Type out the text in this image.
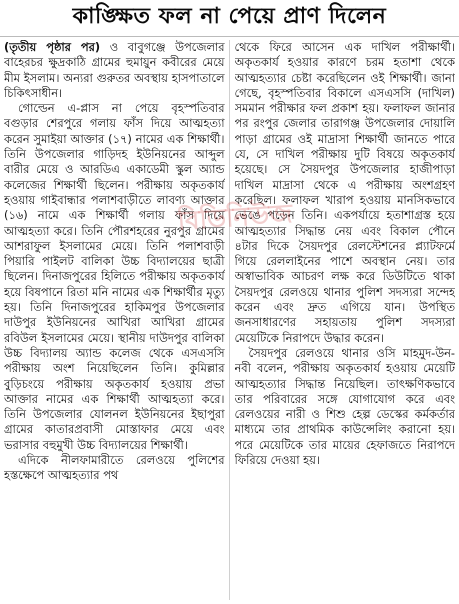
কাঙ্ক্ষিত ফল না পেয়ে প্রাণ দিলেন

(তৃতীয় পৃষ্ঠার পর) ও বাবুগঞ্জে উপজেলার বাহেরচর ক্ষুদ্রকাঠি গ্রামের হুমায়ুন কবীরের মেয়ে মীম ইসলাম। অন্যরা গুরুতর অবস্থায় হাসপাতালে চিকিৎসাধীন।

গোল্ডেন এ-প্লাস না পেয়ে বৃহস্পতিবার বগুড়ার শেরপুরে গলায় ফাঁস দিয়ে আত্মহত্যা করেন সুমাইয়া আক্তার (১৭) নামের এক শিক্ষার্থী। তিনি উপজেলার গাড়িদহ ইউনিয়নের আব্দুল বারীর মেয়ে ও আরডিএ একাডেমী স্কুল অ্যান্ড কলেজের শিক্ষার্থী ছিলেন। পরীক্ষায় অকৃতকার্য হওয়ায় গাইবান্ধার পলাশবাড়ীতে লাবণ্য আক্তার (১৬) নামে এক শিক্ষার্থী গলায় ফাঁস দিয়ে আত্মহত্যা করে। তিনি পৌরশহরের নুরপুর গ্রামের আশরাফুল ইসলামের মেয়ে। তিনি পলাশবাড়ী পিয়ারি পাইলট বালিকা উচ্চ বিদ্যালয়ের ছাত্রী ছিলেন। দিনাজপুরের হিলিতে পরীক্ষায় অকৃতকার্য হয়ে বিষপানে রিতা মনি নামের এক শিক্ষার্থীর মৃত্যু হয়। তিনি দিনাজপুরের হাকিমপুর উপজেলার দাউপুর ইউনিয়নের আখিরা আখিরা গ্রামের রবিউল ইসলামের মেয়ে। স্থানীয় দাউদপুর বালিকা উচ্চ বিদ্যালয় অ্যান্ড কলেজ থেকে এসএসসি পরীক্ষায় অংশ নিয়েছিলেন তিনি। কুমিল্লার বুড়িচংয়ে পরীক্ষায় অকৃতকার্য হওয়ায় প্রভা আক্তার নামের এক শিক্ষার্থী আত্মহত্যা করে। তিনি উপজেলার যোলনল ইউনিয়নের ইছাপুরা গ্রামের কাতারপ্রবাসী মোস্তাফার মেয়ে এবং ভরাসার বহুমুখী উচ্চ বিদ্যালয়ের শিক্ষার্থী।

এদিকে নীলফামারীতে রেলওয়ে পুলিশের হস্তক্ষেপে আত্মহত্যার পথ

থেকে ফিরে আসেন এক দাখিল পরীক্ষার্থী। অকৃতকার্য হওয়ার কারণে চরম হতাশা থেকে আত্মহত্যার চেষ্টা করেছিলেন ওই শিক্ষার্থী। জানা গেছে, বৃহস্পতিবার বিকালে এসএসসি (দাখিল) সমমান পরীক্ষার ফল প্রকাশ হয়। ফলাফল জানার পর রংপুর জেলার তারাগঞ্জ উপজেলার দোয়ালি পাড়া গ্রামের ওই মাদ্রাসা শিক্ষার্থী জানতে পারে যে, সে দাখিল পরীক্ষায় দুটি বিষয়ে অকৃতকার্য হয়েছে। সে সৈয়দপুর উপজেলার হাজীপাড়া দাখিল মাদ্রাসা থেকে এ পরীক্ষায় অংশগ্রহণ করেছিল। ফলাফল খারাপ হওয়ায় মানসিকভাবে ভেঙে পড়েন তিনি। একপর্যায়ে হতাশাগ্রস্ত হয়ে আত্মহত্যার সিদ্ধান্ত নেয় এবং বিকাল পৌনে ৪টার দিকে সৈয়দপুর রেলস্টেশনের প্ল্যাটফর্মে গিয়ে রেললাইনের পাশে অবস্থান নেয়। তার অস্বাভাবিক আচরণ লক্ষ করে ডিউটিতে থাকা সৈয়দপুর রেলওয়ে থানার পুলিশ সদস্যরা সন্দেহ করেন এবং দ্রুত এগিয়ে যান। উপস্থিত জনসাধারণের সহায়তায় পুলিশ সদস্যরা মেয়েটিকে নিরাপদে উদ্ধার করেন।

সৈয়দপুর রেলওয়ে থানার ওসি মাহমুদ-উন-নবী বলেন, পরীক্ষায় অকৃতকার্য হওয়ায় মেয়েটি আত্মহত্যার সিদ্ধান্ত নিয়েছিল। তাৎক্ষণিকভাবে তার পরিবারের সঙ্গে যোগাযোগ করে এবং রেলওয়ের নারী ও শিশু হেল্প ডেস্কের কর্মকর্তার মাধ্যমে তার প্রাথমিক কাউন্সেলিং করানো হয়। পরে মেয়েটিকে তার মায়ের হেফাজতে নিরাপদে ফিরিয়ে দেওয়া হয়।

বিডিনিউজ
